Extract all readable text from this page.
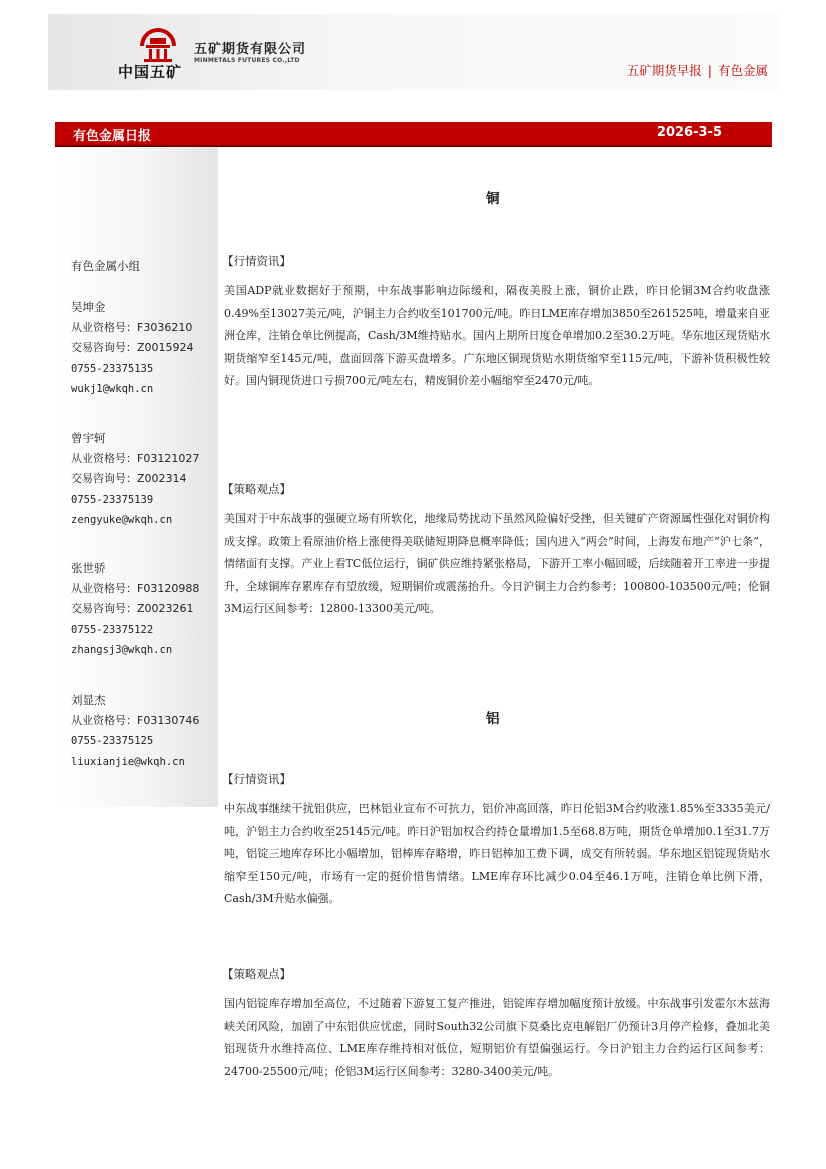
中国五矿
五矿期货有限公司
MINMETALS FUTURES CO.,LTD
五矿期货早报 | 有色金属
有色金属日报	2026-3-5
有色金属小组
吴坤金
从业资格号：F3036210
交易咨询号：Z0015924
0755-23375135
wukj1@wkqh.cn
曾宇轲
从业资格号：F03121027
交易咨询号：Z002314
0755-23375139
zengyuke@wkqh.cn
张世骄
从业资格号：F03120988
交易咨询号：Z0023261
0755-23375122
zhangsj3@wkqh.cn
刘显杰
从业资格号：F03130746
0755-23375125
liuxianjie@wkqh.cn
铜
【行情资讯】

美国ADP就业数据好于预期，中东战事影响边际缓和，隔夜美股上涨，铜价止跌，昨日伦铜3M合约收盘涨0.49%至13027美元/吨，沪铜主力合约收至101700元/吨。昨日LME库存增加3850至261525吨，增量来自亚洲仓库，注销仓单比例提高，Cash/3M维持贴水。国内上期所日度仓单增加0.2至30.2万吨。华东地区现货贴水期货缩窄至145元/吨，盘面回落下游买盘增多。广东地区铜现货贴水期货缩窄至115元/吨，下游补货积极性较好。国内铜现货进口亏损700元/吨左右，精废铜价差小幅缩窄至2470元/吨。

【策略观点】

美国对于中东战事的强硬立场有所软化，地缘局势扰动下虽然风险偏好受挫，但关键矿产资源属性强化对铜价构成支撑。政策上看原油价格上涨使得美联储短期降息概率降低；国内进入“两会”时间，上海发布地产“沪七条”，情绪面有支撑。产业上看TC低位运行，铜矿供应维持紧张格局，下游开工率小幅回暖，后续随着开工率进一步提升，全球铜库存累库存有望放缓，短期铜价或震荡抬升。今日沪铜主力合约参考：100800-103500元/吨；伦铜3M运行区间参考：12800-13300美元/吨。

铝
【行情资讯】

中东战事继续干扰铝供应，巴林铝业宣布不可抗力，铝价冲高回落，昨日伦铝3M合约收涨1.85%至3335美元/吨，沪铝主力合约收至25145元/吨。昨日沪铝加权合约持仓量增加1.5至68.8万吨，期货仓单增加0.1至31.7万吨，铝锭三地库存环比小幅增加，铝棒库存略增，昨日铝棒加工费下调，成交有所转弱。华东地区铝锭现货贴水缩窄至150元/吨，市场有一定的挺价惜售情绪。LME库存环比减少0.04至46.1万吨，注销仓单比例下滑，Cash/3M升贴水偏强。

【策略观点】

国内铝锭库存增加至高位，不过随着下游复工复产推进，铝锭库存增加幅度预计放缓。中东战事引发霍尔木兹海峡关闭风险，加剧了中东铝供应忧虑，同时South32公司旗下莫桑比克电解铝厂仍预计3月停产检修，叠加北美铝现货升水维持高位、LME库存维持相对低位，短期铝价有望偏强运行。今日沪铝主力合约运行区间参考：24700-25500元/吨；伦铝3M运行区间参考：3280-3400美元/吨。
